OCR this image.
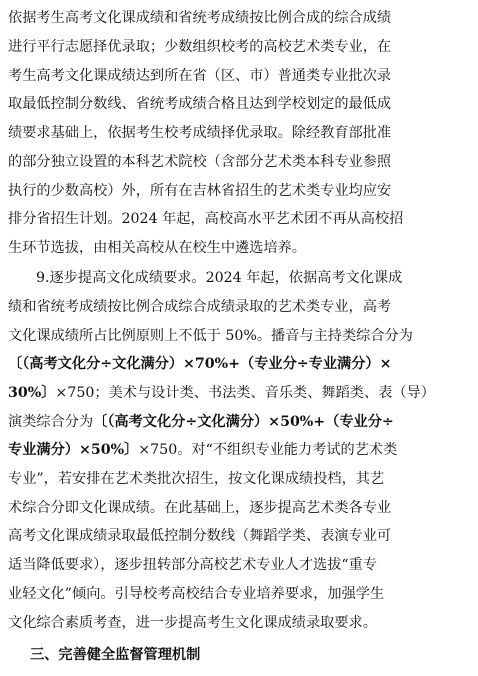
依据考生高考文化课成绩和省统考成绩按比例合成的综合成绩
进行平行志愿择优录取；少数组织校考的高校艺术类专业，在
考生高考文化课成绩达到所在省（区、市）普通类专业批次录
取最低控制分数线、省统考成绩合格且达到学校划定的最低成
绩要求基础上，依据考生校考成绩择优录取。除经教育部批准
的部分独立设置的本科艺术院校（含部分艺术类本科专业参照
执行的少数高校）外，所有在吉林省招生的艺术类专业均应安
排分省招生计划。2024 年起，高校高水平艺术团不再从高校招
生环节选拔，由相关高校从在校生中遴选培养。
9.逐步提高文化成绩要求。2024 年起，依据高考文化课成
绩和省统考成绩按比例合成综合成绩录取的艺术类专业，高考
文化课成绩所占比例原则上不低于 50%。播音与主持类综合分为
〔（高考文化分÷文化满分）×70%+（专业分÷专业满分）×
30%〕×750；美术与设计类、书法类、音乐类、舞蹈类、表（导）
演类综合分为〔（高考文化分÷文化满分）×50%+（专业分÷
专业满分）×50%〕×750。对“不组织专业能力考试的艺术类
专业”，若安排在艺术类批次招生，按文化课成绩投档，其艺
术综合分即文化课成绩。在此基础上，逐步提高艺术类各专业
高考文化课成绩录取最低控制分数线（舞蹈学类、表演专业可
适当降低要求），逐步扭转部分高校艺术专业人才选拔“重专
业轻文化”倾向。引导校考高校结合专业培养要求，加强学生
文化综合素质考查，进一步提高考生文化课成绩录取要求。
三、完善健全监督管理机制
